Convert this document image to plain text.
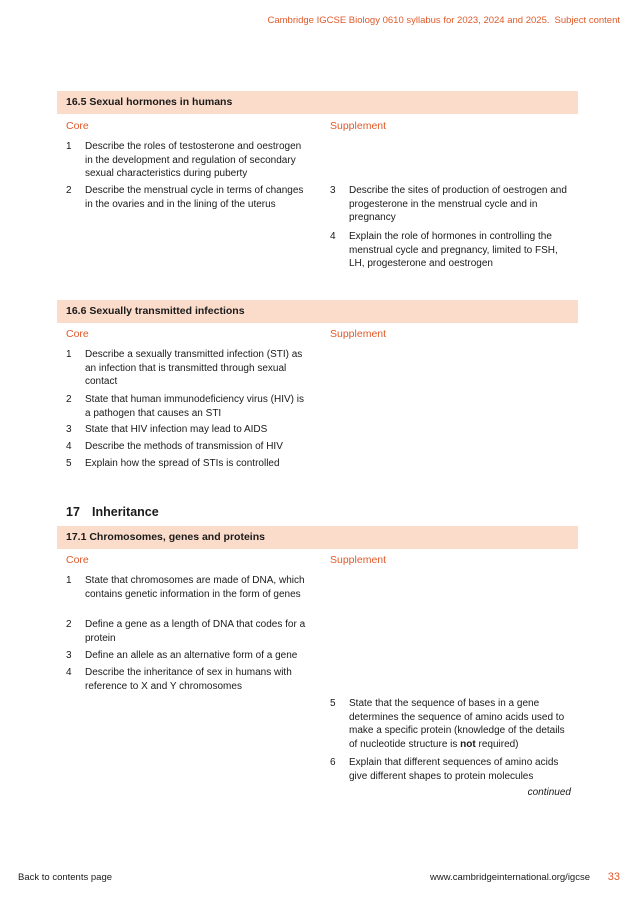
Cambridge IGCSE Biology 0610 syllabus for 2023, 2024 and 2025. Subject content
16.5 Sexual hormones in humans
Core	Supplement
1 Describe the roles of testosterone and oestrogen in the development and regulation of secondary sexual characteristics during puberty
2 Describe the menstrual cycle in terms of changes in the ovaries and in the lining of the uterus
3 Describe the sites of production of oestrogen and progesterone in the menstrual cycle and in pregnancy
4 Explain the role of hormones in controlling the menstrual cycle and pregnancy, limited to FSH, LH, progesterone and oestrogen
16.6 Sexually transmitted infections
Core	Supplement
1 Describe a sexually transmitted infection (STI) as an infection that is transmitted through sexual contact
2 State that human immunodeficiency virus (HIV) is a pathogen that causes an STI
3 State that HIV infection may lead to AIDS
4 Describe the methods of transmission of HIV
5 Explain how the spread of STIs is controlled
17 Inheritance
17.1 Chromosomes, genes and proteins
Core	Supplement
1 State that chromosomes are made of DNA, which contains genetic information in the form of genes
2 Define a gene as a length of DNA that codes for a protein
3 Define an allele as an alternative form of a gene
4 Describe the inheritance of sex in humans with reference to X and Y chromosomes
5 State that the sequence of bases in a gene determines the sequence of amino acids used to make a specific protein (knowledge of the details of nucleotide structure is not required)
6 Explain that different sequences of amino acids give different shapes to protein molecules
continued
Back to contents page	www.cambridgeinternational.org/igcse 33
